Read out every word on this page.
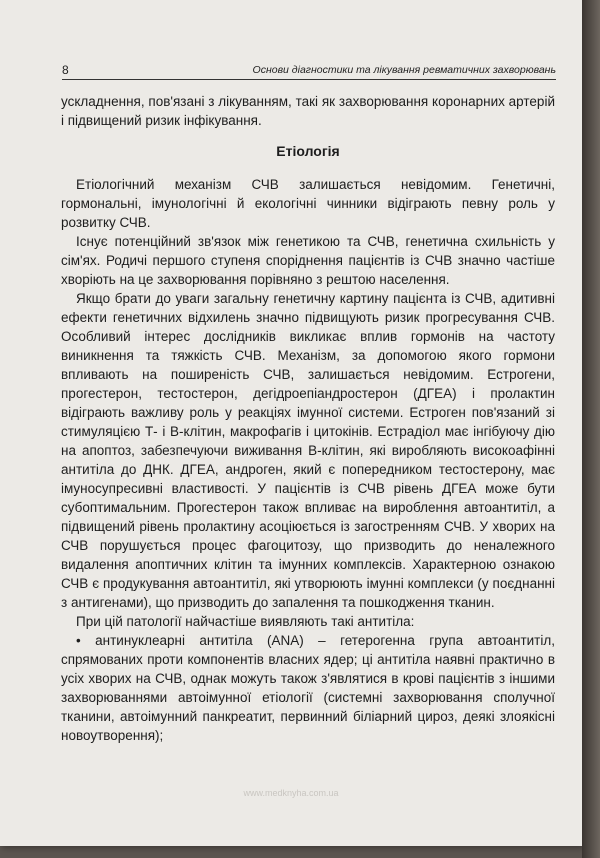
8	Основи діагностики та лікування ревматичних захворювань

ускладнення, пов'язані з лікуванням, такі як захворювання коронарних артерій і підвищений ризик інфікування.

Етіологія

Етіологічний механізм СЧВ залишається невідомим. Генетичні, гормональні, імунологічні й екологічні чинники відіграють певну роль у розвитку СЧВ.

Існує потенційний зв'язок між генетикою та СЧВ, генетична схильність у сім'ях. Родичі першого ступеня споріднення пацієнтів із СЧВ значно частіше хворіють на це захворювання порівняно з рештою населення.

Якщо брати до уваги загальну генетичну картину пацієнта із СЧВ, адитивні ефекти генетичних відхилень значно підвищують ризик прогресування СЧВ. Особливий інтерес дослідників викликає вплив гормонів на частоту виникнення та тяжкість СЧВ. Механізм, за допомогою якого гормони впливають на поширеність СЧВ, залишається невідомим. Естрогени, прогестерон, тестостерон, дегідроепіандростерон (ДГЕА) і пролактин відіграють важливу роль у реакціях імунної системи. Естроген пов'язаний зі стимуляцією Т- і В-клітин, макрофагів і цитокінів. Естрадіол має інгібуючу дію на апоптоз, забезпечуючи виживання В-клітин, які виробляють високоафінні антитіла до ДНК. ДГЕА, андроген, який є попередником тестостерону, має імуносупресивні властивості. У пацієнтів із СЧВ рівень ДГЕА може бути субоптимальним. Прогестерон також впливає на вироблення автоантитіл, а підвищений рівень пролактину асоціюється із загостренням СЧВ. У хворих на СЧВ порушується процес фагоцитозу, що призводить до неналежного видалення апоптичних клітин та імунних комплексів. Характерною ознакою СЧВ є продукування автоантитіл, які утворюють імунні комплекси (у поєднанні з антигенами), що призводить до запалення та пошкодження тканин.

При цій патології найчастіше виявляють такі антитіла:

• антинуклеарні антитіла (ANA) – гетерогенна група автоантитіл, спрямованих проти компонентів власних ядер; ці антитіла наявні практично в усіх хворих на СЧВ, однак можуть також з'являтися в крові пацієнтів з іншими захворюваннями автоімунної етіології (системні захворювання сполучної тканини, автоімунний панкреатит, первинний біліарний цироз, деякі злоякісні новоутворення);

www.medknyha.com.ua
